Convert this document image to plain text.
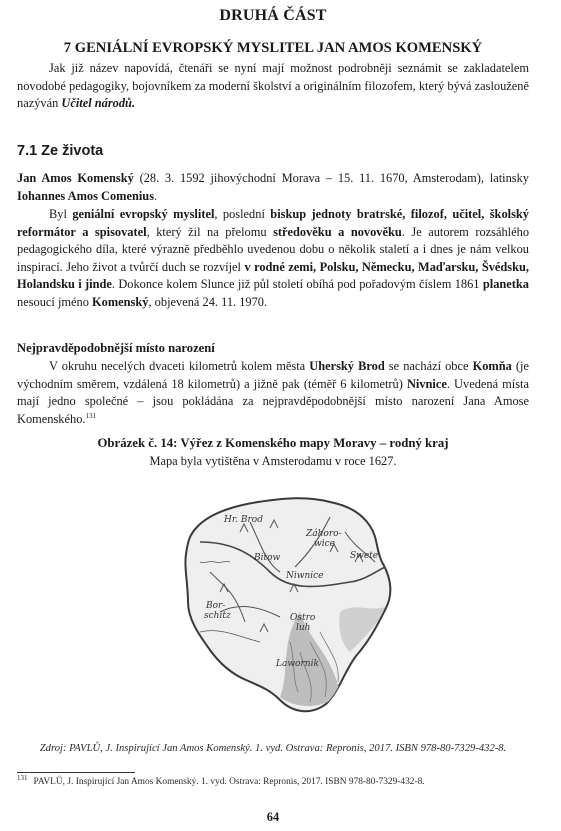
DRUHÁ ČÁST
7 GENIÁLNÍ EVROPSKÝ MYSLITEL JAN AMOS KOMENSKÝ

Jak již název napovídá, čtenáři se nyní mají možnost podrobněji seznámit se zakladatelem novodobé pedagogiky, bojovníkem za moderní školství a originálním filozofem, který bývá zaslouženě nazýván Učitel národů.

7.1 Ze života

Jan Amos Komenský (28. 3. 1592 jihovýchodní Morava – 15. 11. 1670, Amsterodam), latinsky Iohannes Amos Comenius.

Byl geniální evropský myslitel, poslední biskup jednoty bratrské, filozof, učitel, školský reformátor a spisovatel, který žil na přelomu středověku a novověku. Je autorem rozsáhlého pedagogického díla, které výrazně předběhlo uvedenou dobu o několik staletí a i dnes je nám velkou inspirací. Jeho život a tvůrčí duch se rozvíjel v rodné zemi, Polsku, Německu, Maďarsku, Švédsku, Holandsku i jinde. Dokonce kolem Slunce již půl století obíhá pod pořadovým číslem 1861 planetka nesoucí jméno Komenský, objevená 24. 11. 1970.

Nejpravděpodobnější místo narození

V okruhu necelých dvaceti kilometrů kolem města Uherský Brod se nachází obce Komňa (je východním směrem, vzdálená 18 kilometrů) a jižně pak (téměř 6 kilometrů) Nivnice. Uvedená místa mají jedno společné – jsou pokládána za nejpravděpodobnější místo narození Jana Amose Komenského.$^{131}$

Obrázek č. 14: Výřez z Komenského mapy Moravy – rodný kraj
Mapa byla vytištěna v Amsterodamu v roce 1627.
Hr. Brod
Záhoro-
wice
Bitow
Niwnice
Swete
Bor-
schitz	Ostro
luh
Lawornik
Zdroj: PAVLŮ, J. Inspirující Jan Amos Komenský. 1. vyd. Ostrava: Repronis, 2017. ISBN 978-80-7329-432-8.
$^{131}$ PAVLŮ, J. Inspirující Jan Amos Komenský. 1. vyd. Ostrava: Repronis, 2017. ISBN 978-80-7329-432-8.
64
